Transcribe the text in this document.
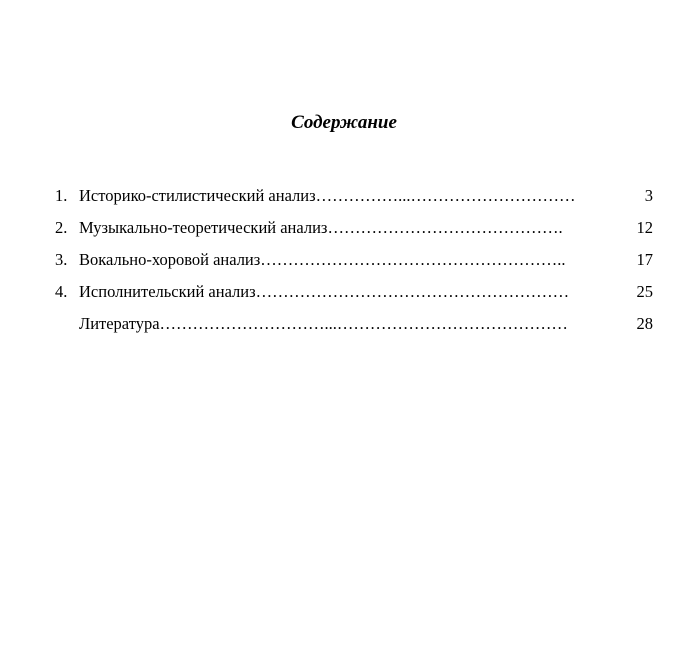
Содержание
1. Историко-стилистический анализ ……………...…………………………	3
2. Музыкально-теоретический анализ …………………………………….	12
3. Вокально-хоровой анализ ………………………………………………..	17
4. Исполнительский анализ …………………………………………………	25
Литература …………………………...……………………………………	28
